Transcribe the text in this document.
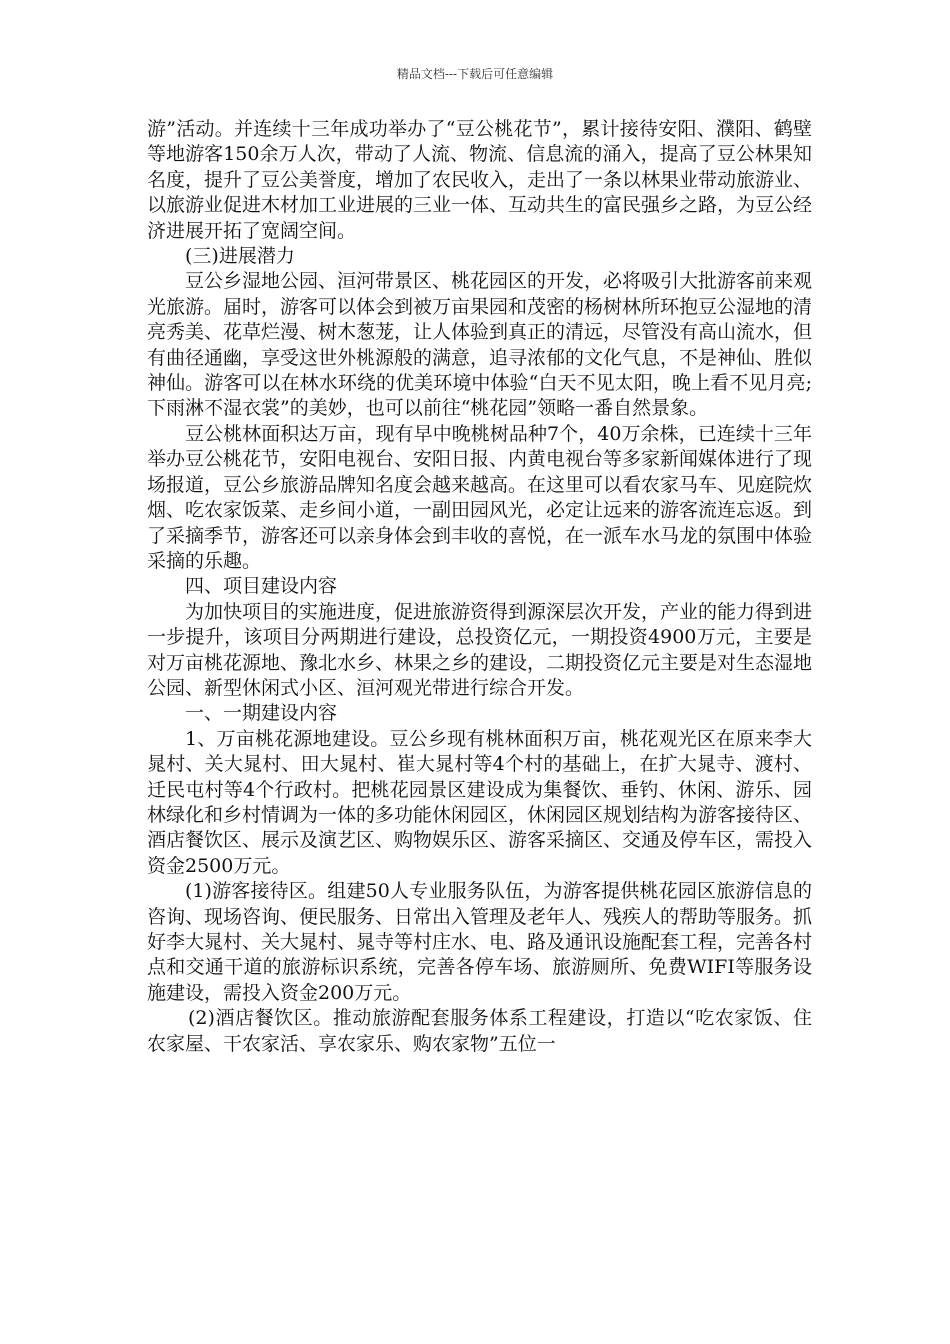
精品文档---下载后可任意编辑

游”活动。并连续十三年成功举办了“豆公桃花节”，累计接待安阳、濮阳、鹤壁等地游客150余万人次，带动了人流、物流、信息流的涌入，提高了豆公林果知名度，提升了豆公美誉度，增加了农民收入，走出了一条以林果业带动旅游业、以旅游业促进木材加工业进展的三业一体、互动共生的富民强乡之路，为豆公经济进展开拓了宽阔空间。

(三)进展潜力

豆公乡湿地公园、洹河带景区、桃花园区的开发，必将吸引大批游客前来观光旅游。届时，游客可以体会到被万亩果园和茂密的杨树林所环抱豆公湿地的清亮秀美、花草烂漫、树木葱茏，让人体验到真正的清远，尽管没有高山流水，但有曲径通幽，享受这世外桃源般的满意，追寻浓郁的文化气息，不是神仙、胜似神仙。游客可以在林水环绕的优美环境中体验“白天不见太阳，晚上看不见月亮;下雨淋不湿衣裳”的美妙，也可以前往“桃花园”领略一番自然景象。

豆公桃林面积达万亩，现有早中晚桃树品种7个，40万余株，已连续十三年举办豆公桃花节，安阳电视台、安阳日报、内黄电视台等多家新闻媒体进行了现场报道，豆公乡旅游品牌知名度会越来越高。在这里可以看农家马车、见庭院炊烟、吃农家饭菜、走乡间小道，一副田园风光，必定让远来的游客流连忘返。到了采摘季节，游客还可以亲身体会到丰收的喜悦，在一派车水马龙的氛围中体验采摘的乐趣。

四、项目建设内容

为加快项目的实施进度，促进旅游资得到源深层次开发，产业的能力得到进一步提升，该项目分两期进行建设，总投资亿元，一期投资4900万元，主要是对万亩桃花源地、豫北水乡、林果之乡的建设，二期投资亿元主要是对生态湿地公园、新型休闲式小区、洹河观光带进行综合开发。

一、一期建设内容

1、万亩桃花源地建设。豆公乡现有桃林面积万亩，桃花观光区在原来李大晁村、关大晁村、田大晁村、崔大晁村等4个村的基础上，在扩大晁寺、渡村、迁民屯村等4个行政村。把桃花园景区建设成为集餐饮、垂钓、休闲、游乐、园林绿化和乡村情调为一体的多功能休闲园区，休闲园区规划结构为游客接待区、酒店餐饮区、展示及演艺区、购物娱乐区、游客采摘区、交通及停车区，需投入资金2500万元。

(1)游客接待区。组建50人专业服务队伍，为游客提供桃花园区旅游信息的咨询、现场咨询、便民服务、日常出入管理及老年人、残疾人的帮助等服务。抓好李大晁村、关大晁村、晁寺等村庄水、电、路及通讯设施配套工程，完善各村点和交通干道的旅游标识系统，完善各停车场、旅游厕所、免费WIFI等服务设施建设，需投入资金200万元。

(2)酒店餐饮区。推动旅游配套服务体系工程建设，打造以“吃农家饭、住农家屋、干农家活、享农家乐、购农家物”五位一
